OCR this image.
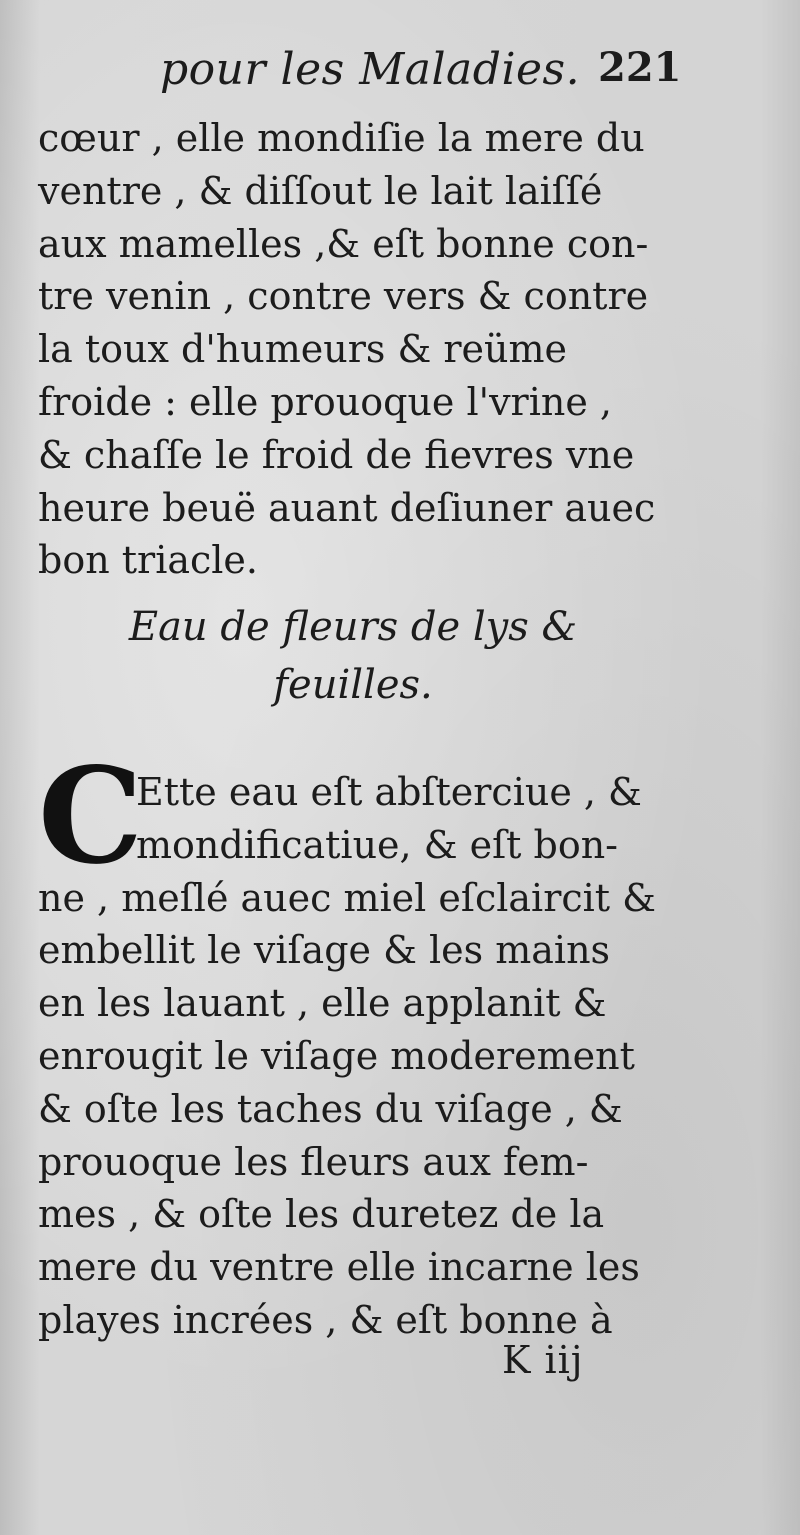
pour les Maladies. 221
cœur , elle mondiſie la mere du
ventre , & diſſout le lait laiſſé
aux mamelles ,& eſt bonne con-
tre venin , contre vers & contre
la toux d'humeurs & reüme
froide : elle prouoque l'vrine ,
& chaſſe le froid de fievres vne
heure beuë auant deſiuner auec
bon triacle.
Eau de fleurs de lys &
feuilles.
C
Ette eau eſt abſterciue , &
mondificatiue, & eſt bon-
ne , meſlé auec miel eſclaircit &
embellit le viſage & les mains
en les lauant , elle applanit &
enrougit le viſage moderement
& oſte les taches du viſage , &
prouoque les fleurs aux fem-
mes , & oſte les duretez de la
mere du ventre elle incarne les
playes incrées , & eſt bonne à
K iij
